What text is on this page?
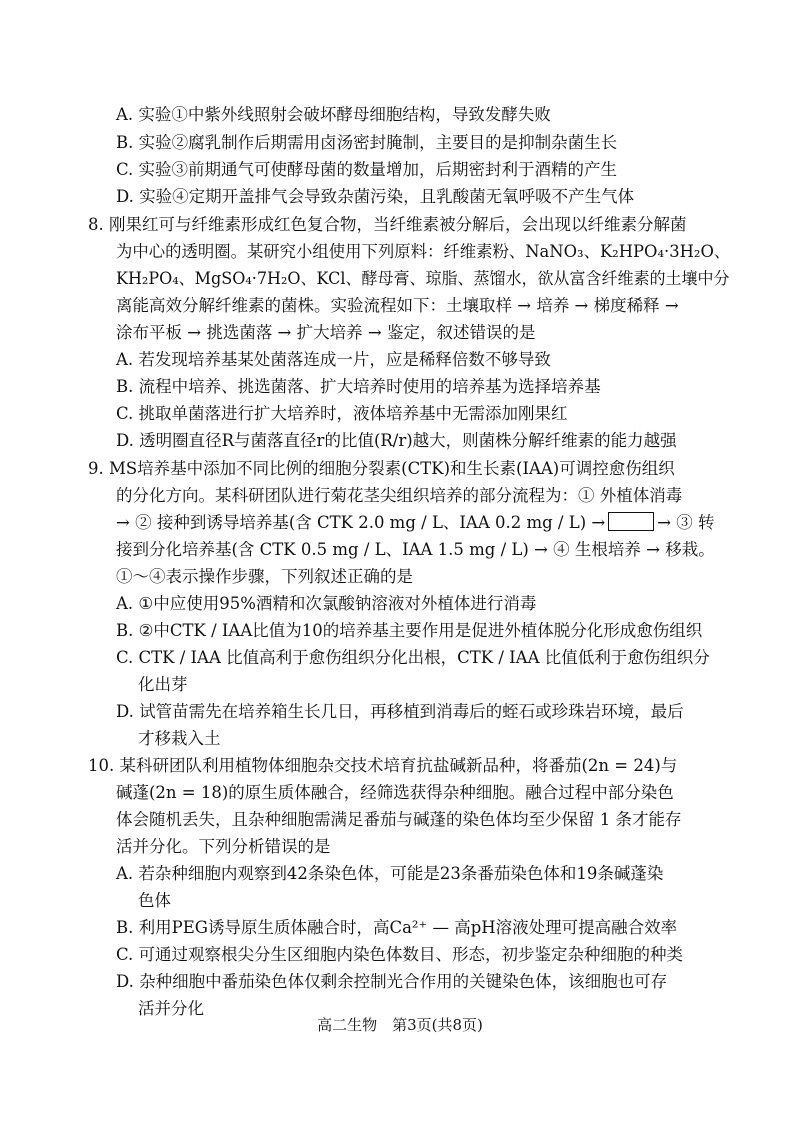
A. 实验①中紫外线照射会破坏酵母细胞结构，导致发酵失败
B. 实验②腐乳制作后期需用卤汤密封腌制，主要目的是抑制杂菌生长
C. 实验③前期通气可使酵母菌的数量增加，后期密封利于酒精的产生
D. 实验④定期开盖排气会导致杂菌污染，且乳酸菌无氧呼吸不产生气体
8. 刚果红可与纤维素形成红色复合物，当纤维素被分解后，会出现以纤维素分解菌
为中心的透明圈。某研究小组使用下列原料：纤维素粉、NaNO₃、K₂HPO₄·3H₂O、
KH₂PO₄、MgSO₄·7H₂O、KCl、酵母膏、琼脂、蒸馏水，欲从富含纤维素的土壤中分
离能高效分解纤维素的菌株。实验流程如下：土壤取样 → 培养 → 梯度稀释 →
涂布平板 → 挑选菌落 → 扩大培养 → 鉴定，叙述错误的是
A. 若发现培养基某处菌落连成一片，应是稀释倍数不够导致
B. 流程中培养、挑选菌落、扩大培养时使用的培养基为选择培养基
C. 挑取单菌落进行扩大培养时，液体培养基中无需添加刚果红
D. 透明圈直径R与菌落直径r的比值(R/r)越大，则菌株分解纤维素的能力越强
9. MS培养基中添加不同比例的细胞分裂素(CTK)和生长素(IAA)可调控愈伤组织
的分化方向。某科研团队进行菊花茎尖组织培养的部分流程为：① 外植体消毒
→ ② 接种到诱导培养基(含 CTK 2.0 mg / L、IAA 0.2 mg / L) →	→ ③ 转
接到分化培养基(含 CTK 0.5 mg / L、IAA 1.5 mg / L) → ④ 生根培养 → 移栽。
①～④表示操作步骤，下列叙述正确的是
A. ①中应使用95%酒精和次氯酸钠溶液对外植体进行消毒
B. ②中CTK / IAA比值为10的培养基主要作用是促进外植体脱分化形成愈伤组织
C. CTK / IAA 比值高利于愈伤组织分化出根，CTK / IAA 比值低利于愈伤组织分
化出芽
D. 试管苗需先在培养箱生长几日，再移植到消毒后的蛭石或珍珠岩环境，最后
才移栽入土
10. 某科研团队利用植物体细胞杂交技术培育抗盐碱新品种，将番茄(2n = 24)与
碱蓬(2n = 18)的原生质体融合，经筛选获得杂种细胞。融合过程中部分染色
体会随机丢失，且杂种细胞需满足番茄与碱蓬的染色体均至少保留 1 条才能存
活并分化。下列分析错误的是
A. 若杂种细胞内观察到42条染色体，可能是23条番茄染色体和19条碱蓬染
色体
B. 利用PEG诱导原生质体融合时，高Ca²⁺ — 高pH溶液处理可提高融合效率
C. 可通过观察根尖分生区细胞内染色体数目、形态，初步鉴定杂种细胞的种类
D. 杂种细胞中番茄染色体仅剩余控制光合作用的关键染色体，该细胞也可存
活并分化
高二生物　第3页(共8页)
